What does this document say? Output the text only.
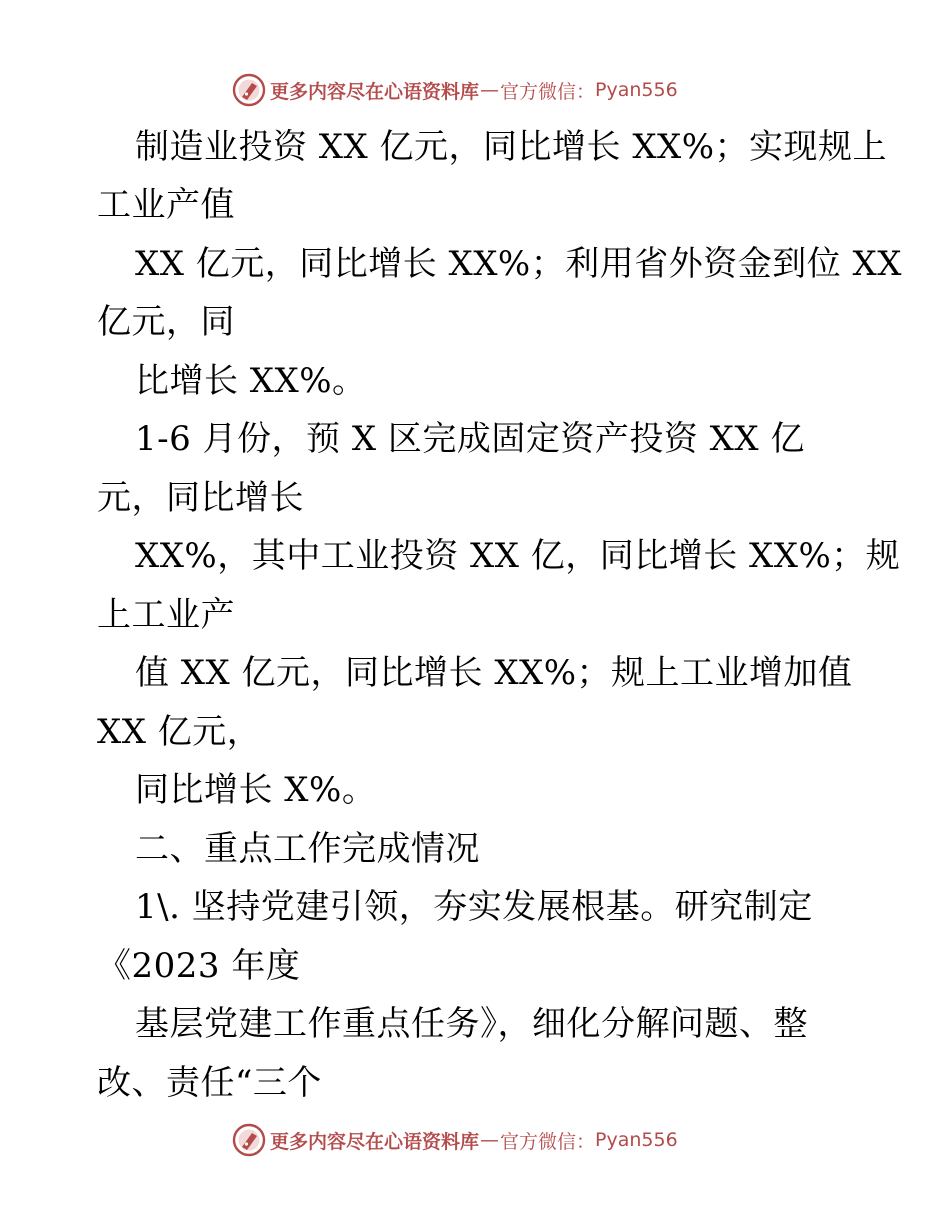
更多内容尽在心语资料库 — 官方微信： Pyan556
制造业投资 XX 亿元，同比增长 XX%；实现规上
工业产值
XX 亿元，同比增长 XX%；利用省外资金到位 XX
亿元，同
比增长 XX%。
1-6 月份，预 X 区完成固定资产投资 XX 亿
元，同比增长
XX%，其中工业投资 XX 亿，同比增长 XX%；规
上工业产
值 XX 亿元，同比增长 XX%；规上工业增加值
XX 亿元，
同比增长 X%。
二、重点工作完成情况
1\. 坚持党建引领，夯实发展根基。研究制定
《2023 年度
基层党建工作重点任务》，细化分解问题、整
改、责任“三个
更多内容尽在心语资料库 — 官方微信： Pyan556
